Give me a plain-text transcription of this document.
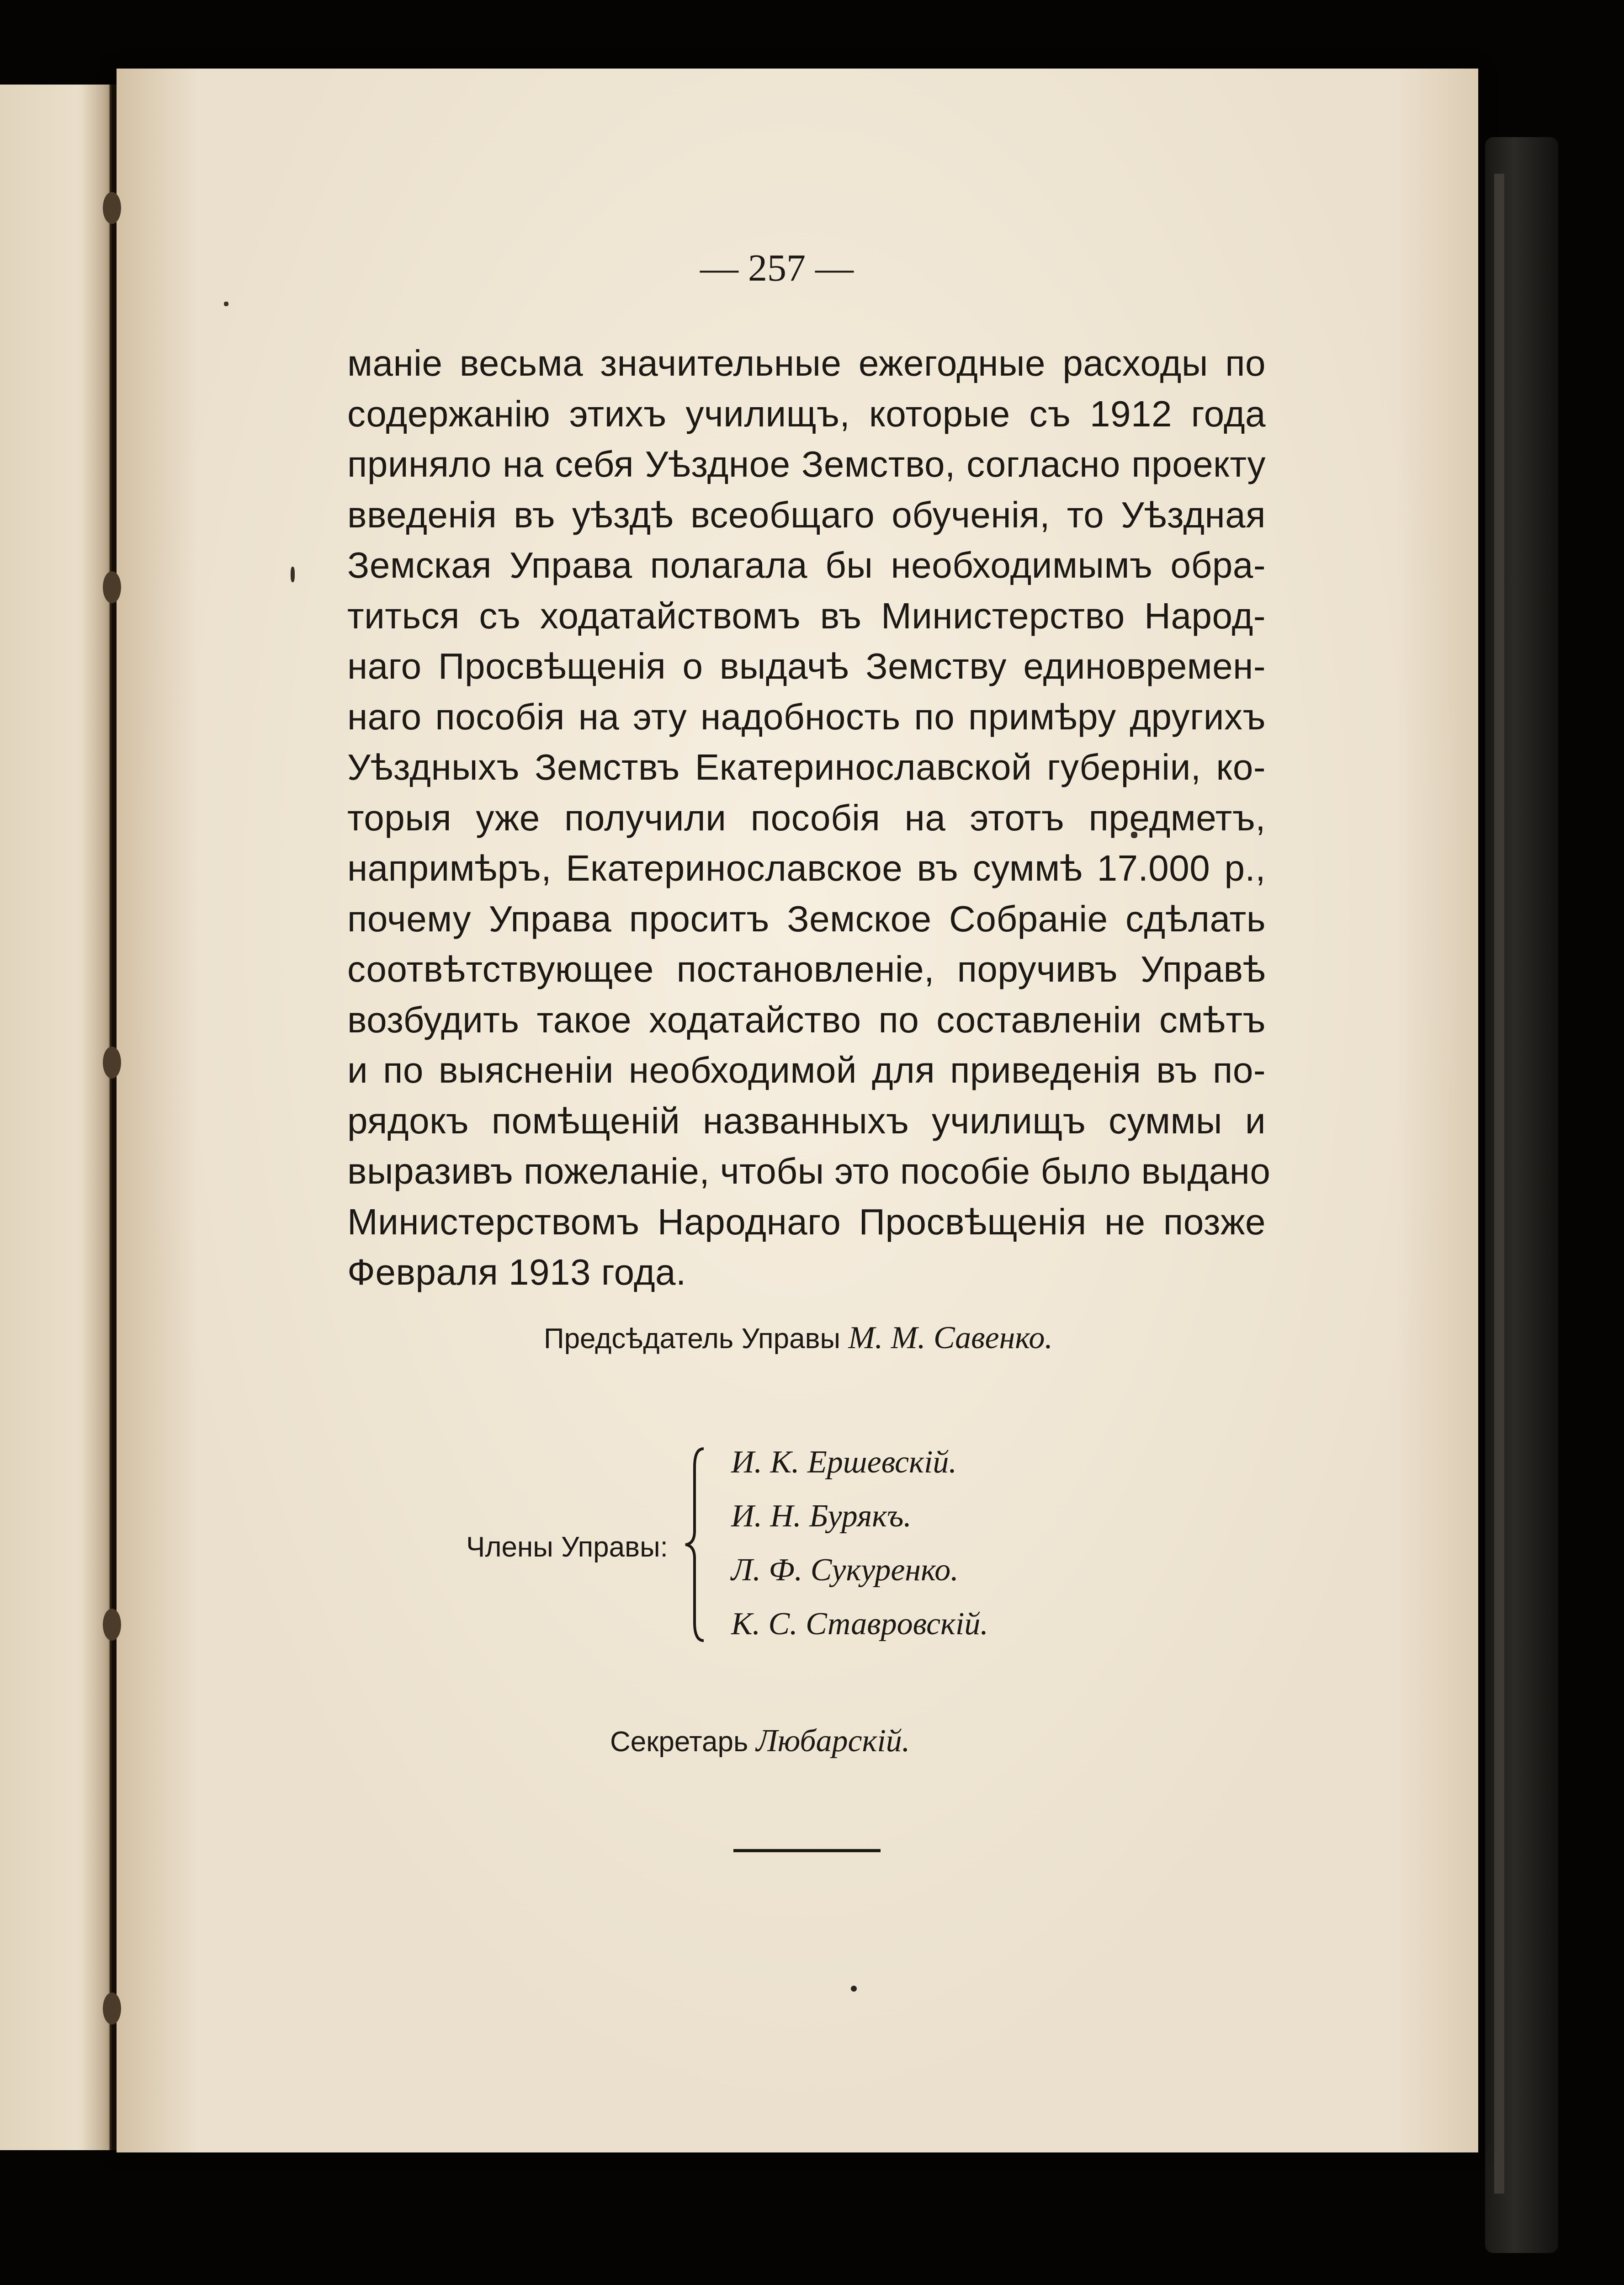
— 257 —
маніе весьма значительные ежегодные расходы по
содержанію этихъ училищъ, которые съ 1912 года
приняло на себя Уѣздное Земство, согласно проекту
введенія въ уѣздѣ всеобщаго обученія, то Уѣздная
Земская Управа полагала бы необходимымъ обра-
титься съ ходатайствомъ въ Министерство Народ-
наго Просвѣщенія о выдачѣ Земству единовремен-
наго пособія на эту надобность по примѣру другихъ
Уѣздныхъ Земствъ Екатеринославской губерніи, ко-
торыя уже получили пособія на этотъ предметъ,
напримѣръ, Екатеринославское въ суммѣ 17.000 р.,
почему Управа проситъ Земское Собраніе сдѣлать
соотвѣтствующее постановленіе, поручивъ Управѣ
возбудить такое ходатайство по составленіи смѣтъ
и по выясненіи необходимой для приведенія въ по-
рядокъ помѣщеній названныхъ училищъ суммы и
выразивъ пожеланіе, чтобы это пособіе было выдано
Министерствомъ Народнаго Просвѣщенія не позже
Февраля 1913 года.
Предсѣдатель Управы М. М. Савенко.
Члены Управы:
И. К. Ершевскій.
И. Н. Бурякъ.
Л. Ф. Сукуренко.
К. С. Ставровскій.
Секретарь Любарскій.
